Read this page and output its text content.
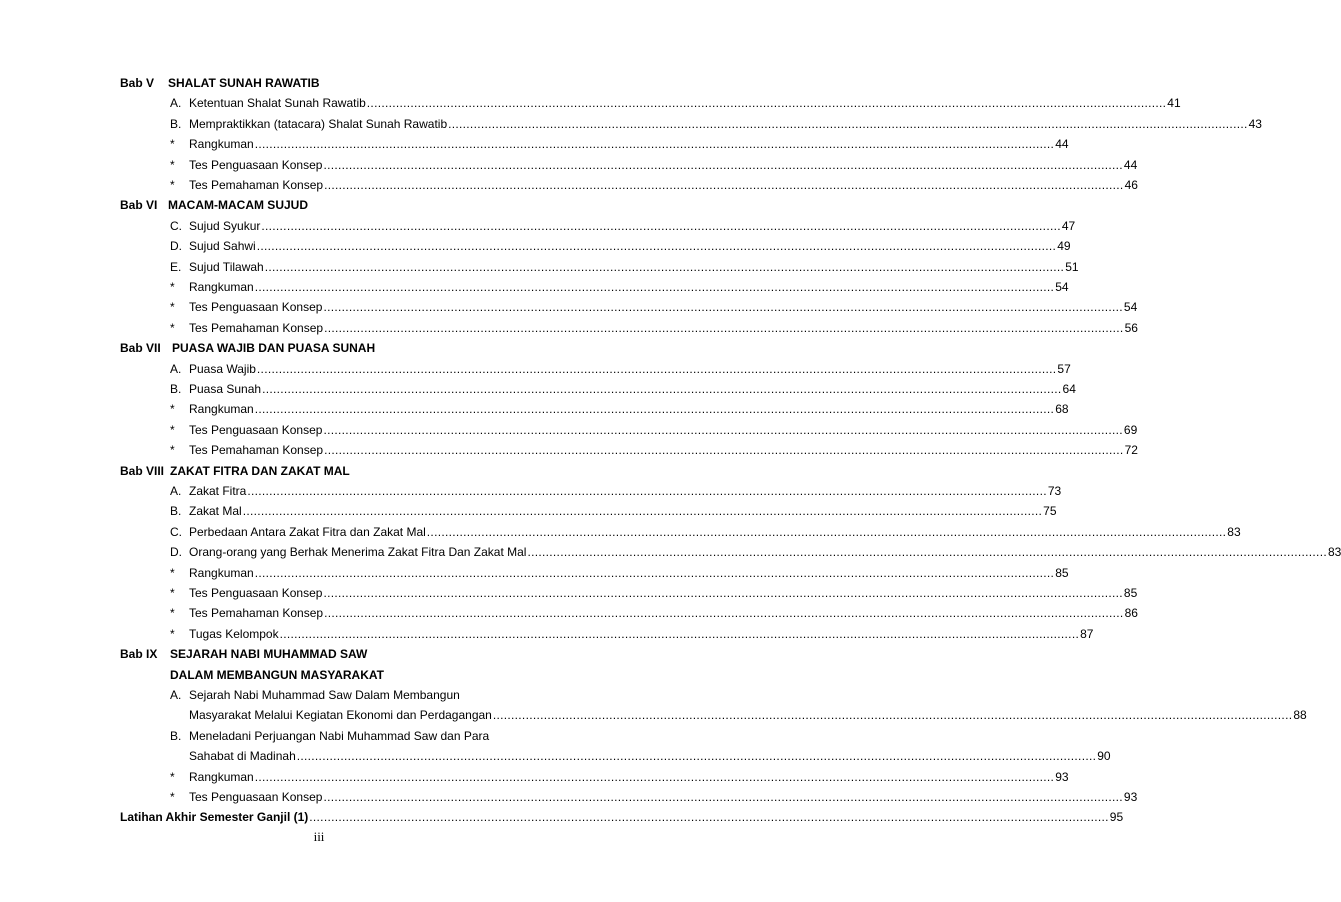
Bab V SHALAT SUNAH RAWATIB
A. Ketentuan Shalat Sunah Rawatib ............................................................................................................................................................................................................................ 41
B. Mempraktikkan (tatacara) Shalat Sunah Rawatib ............................................................................................................................................................................................................................ 43
*	Rangkuman ............................................................................................................................................................................................................................ 44
*	Tes Penguasaan Konsep ............................................................................................................................................................................................................................ 44
*	Tes Pemahaman Konsep ............................................................................................................................................................................................................................ 46
Bab VI MACAM-MACAM SUJUD
C. Sujud Syukur ............................................................................................................................................................................................................................ 47
D. Sujud Sahwi ............................................................................................................................................................................................................................ 49
E. Sujud Tilawah ............................................................................................................................................................................................................................ 51
*	Rangkuman ............................................................................................................................................................................................................................ 54
*	Tes Penguasaan Konsep ............................................................................................................................................................................................................................ 54
*	Tes Pemahaman Konsep ............................................................................................................................................................................................................................ 56
Bab VII PUASA WAJIB DAN PUASA SUNAH
A. Puasa Wajib ............................................................................................................................................................................................................................ 57
B. Puasa Sunah ............................................................................................................................................................................................................................ 64
*	Rangkuman ............................................................................................................................................................................................................................ 68
*	Tes Penguasaan Konsep ............................................................................................................................................................................................................................ 69
*	Tes Pemahaman Konsep ............................................................................................................................................................................................................................ 72
Bab VIII ZAKAT FITRA DAN ZAKAT MAL
A. Zakat Fitra ............................................................................................................................................................................................................................ 73
B. Zakat Mal ............................................................................................................................................................................................................................ 75
C. Perbedaan Antara Zakat Fitra dan Zakat Mal ............................................................................................................................................................................................................................ 83
D. Orang-orang yang Berhak Menerima Zakat Fitra Dan Zakat Mal ............................................................................................................................................................................................................................ 83
*	Rangkuman ............................................................................................................................................................................................................................ 85
*	Tes Penguasaan Konsep ............................................................................................................................................................................................................................ 85
*	Tes Pemahaman Konsep ............................................................................................................................................................................................................................ 86
*	Tugas Kelompok ............................................................................................................................................................................................................................ 87
Bab IX SEJARAH NABI MUHAMMAD SAW
DALAM MEMBANGUN MASYARAKAT
A. Sejarah Nabi Muhammad Saw Dalam Membangun
Masyarakat Melalui Kegiatan Ekonomi dan Perdagangan ............................................................................................................................................................................................................................ 88
B. Meneladani Perjuangan Nabi Muhammad Saw dan Para
Sahabat di Madinah ............................................................................................................................................................................................................................ 90
*	Rangkuman ............................................................................................................................................................................................................................ 93
*	Tes Penguasaan Konsep ............................................................................................................................................................................................................................ 93
Latihan Akhir Semester Ganjil (1) ............................................................................................................................................................................................................................ 95
iii
